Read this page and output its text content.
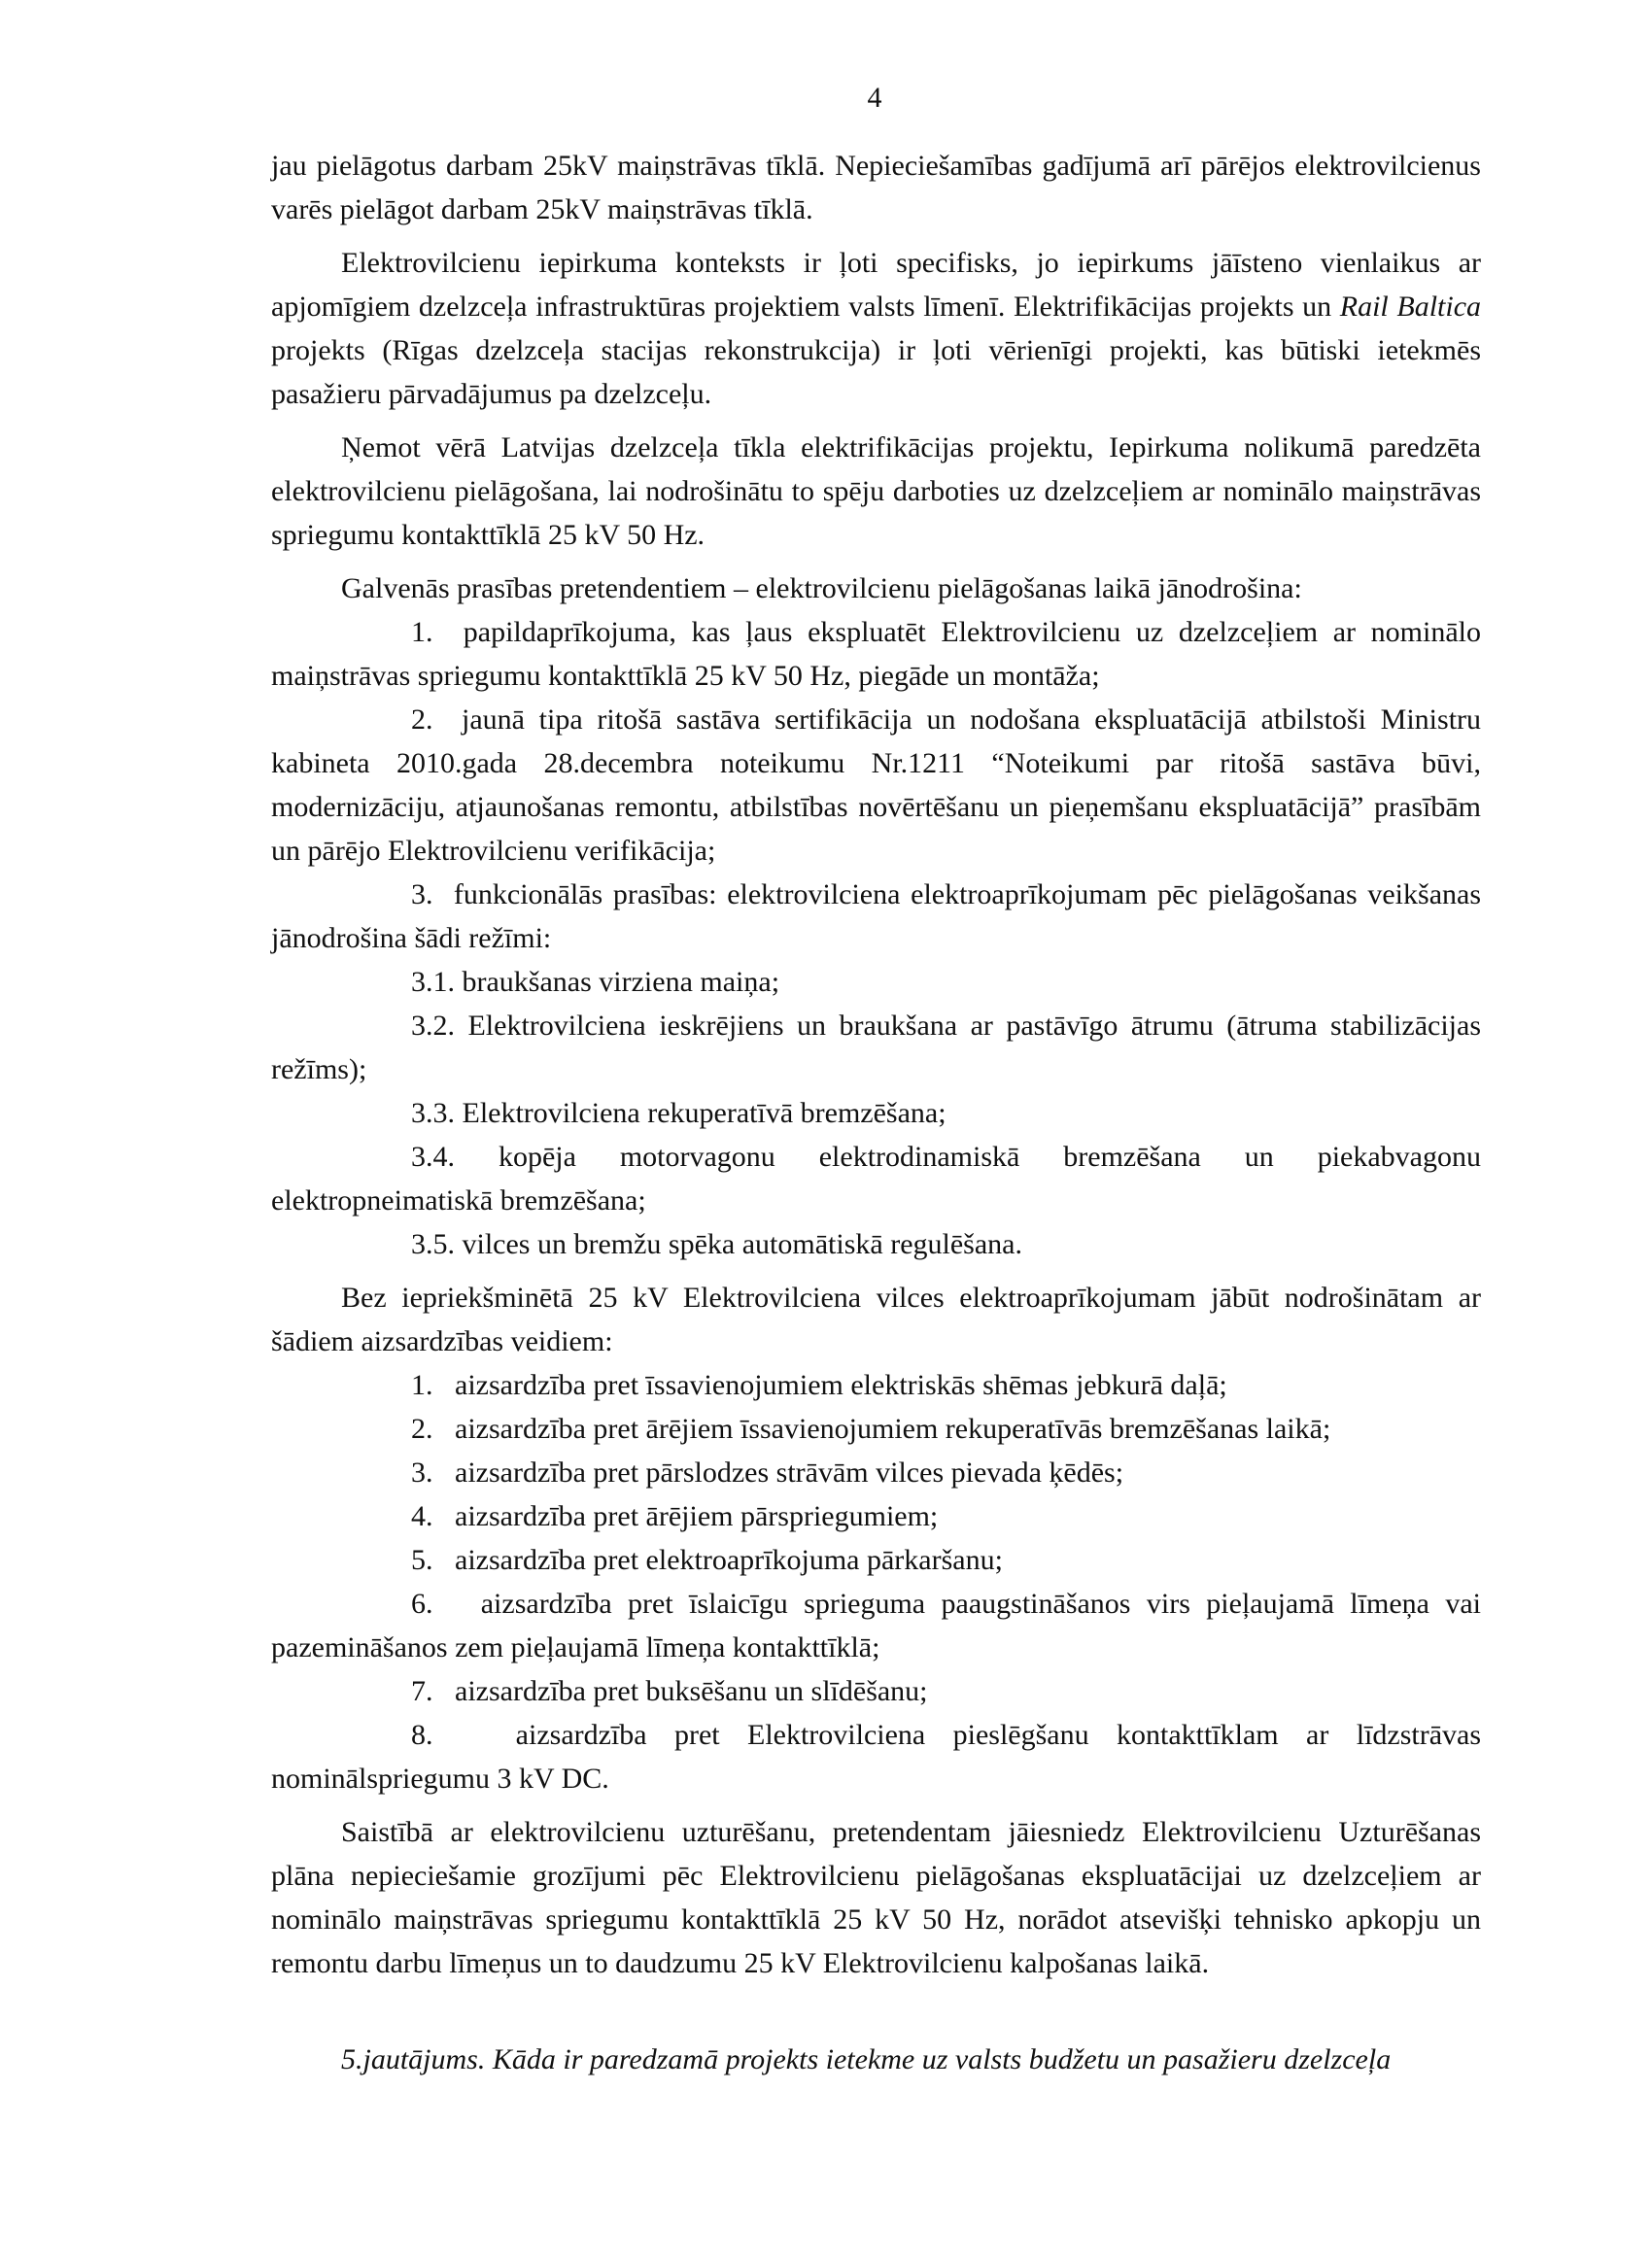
4

jau pielāgotus darbam 25kV maiņstrāvas tīklā. Nepieciešamības gadījumā arī pārējos elektrovilcienus varēs pielāgot darbam 25kV maiņstrāvas tīklā.

Elektrovilcienu iepirkuma konteksts ir ļoti specifisks, jo iepirkums jāīsteno vienlaikus ar apjomīgiem dzelzceļa infrastruktūras projektiem valsts līmenī. Elektrifikācijas projekts un Rail Baltica projekts (Rīgas dzelzceļa stacijas rekonstrukcija) ir ļoti vērienīgi projekti, kas būtiski ietekmēs pasažieru pārvadājumus pa dzelzceļu.

Ņemot vērā Latvijas dzelzceļa tīkla elektrifikācijas projektu, Iepirkuma nolikumā paredzēta elektrovilcienu pielāgošana, lai nodrošinātu to spēju darboties uz dzelzceļiem ar nominālo maiņstrāvas spriegumu kontakttīklā 25 kV 50 Hz.

Galvenās prasības pretendentiem – elektrovilcienu pielāgošanas laikā jānodrošina:

1. papildaprīkojuma, kas ļaus ekspluatēt Elektrovilcienu uz dzelzceļiem ar nominālo maiņstrāvas spriegumu kontakttīklā 25 kV 50 Hz, piegāde un montāža;

2. jaunā tipa ritošā sastāva sertifikācija un nodošana ekspluatācijā atbilstoši Ministru kabineta 2010.gada 28.decembra noteikumu Nr.1211 “Noteikumi par ritošā sastāva būvi, modernizāciju, atjaunošanas remontu, atbilstības novērtēšanu un pieņemšanu ekspluatācijā” prasībām un pārējo Elektrovilcienu verifikācija;

3. funkcionālās prasības: elektrovilciena elektroaprīkojumam pēc pielāgošanas veikšanas jānodrošina šādi režīmi:

3.1. braukšanas virziena maiņa;

3.2. Elektrovilciena ieskrējiens un braukšana ar pastāvīgo ātrumu (ātruma stabilizācijas režīms);

3.3. Elektrovilciena rekuperatīvā bremzēšana;

3.4. kopēja motorvagonu elektrodinamiskā bremzēšana un piekabvagonu elektropneimatiskā bremzēšana;

3.5. vilces un bremžu spēka automātiskā regulēšana.

Bez iepriekšminētā 25 kV Elektrovilciena vilces elektroaprīkojumam jābūt nodrošinātam ar šādiem aizsardzības veidiem:

1. aizsardzība pret īssavienojumiem elektriskās shēmas jebkurā daļā;

2. aizsardzība pret ārējiem īssavienojumiem rekuperatīvās bremzēšanas laikā;

3. aizsardzība pret pārslodzes strāvām vilces pievada ķēdēs;

4. aizsardzība pret ārējiem pārspriegumiem;

5. aizsardzība pret elektroaprīkojuma pārkaršanu;

6. aizsardzība pret īslaicīgu sprieguma paaugstināšanos virs pieļaujamā līmeņa vai pazemināšanos zem pieļaujamā līmeņa kontakttīklā;

7. aizsardzība pret buksēšanu un slīdēšanu;

8.	aizsardzība pret Elektrovilciena pieslēgšanu kontakttīklam ar līdzstrāvas nominālspriegumu 3 kV DC.

Saistībā ar elektrovilcienu uzturēšanu, pretendentam jāiesniedz Elektrovilcienu Uzturēšanas plāna nepieciešamie grozījumi pēc Elektrovilcienu pielāgošanas ekspluatācijai uz dzelzceļiem ar nominālo maiņstrāvas spriegumu kontakttīklā 25 kV 50 Hz, norādot atsevišķi tehnisko apkopju un remontu darbu līmeņus un to daudzumu 25 kV Elektrovilcienu kalpošanas laikā.

5.jautājums. Kāda ir paredzamā projekts ietekme uz valsts budžetu un pasažieru dzelzceļa
